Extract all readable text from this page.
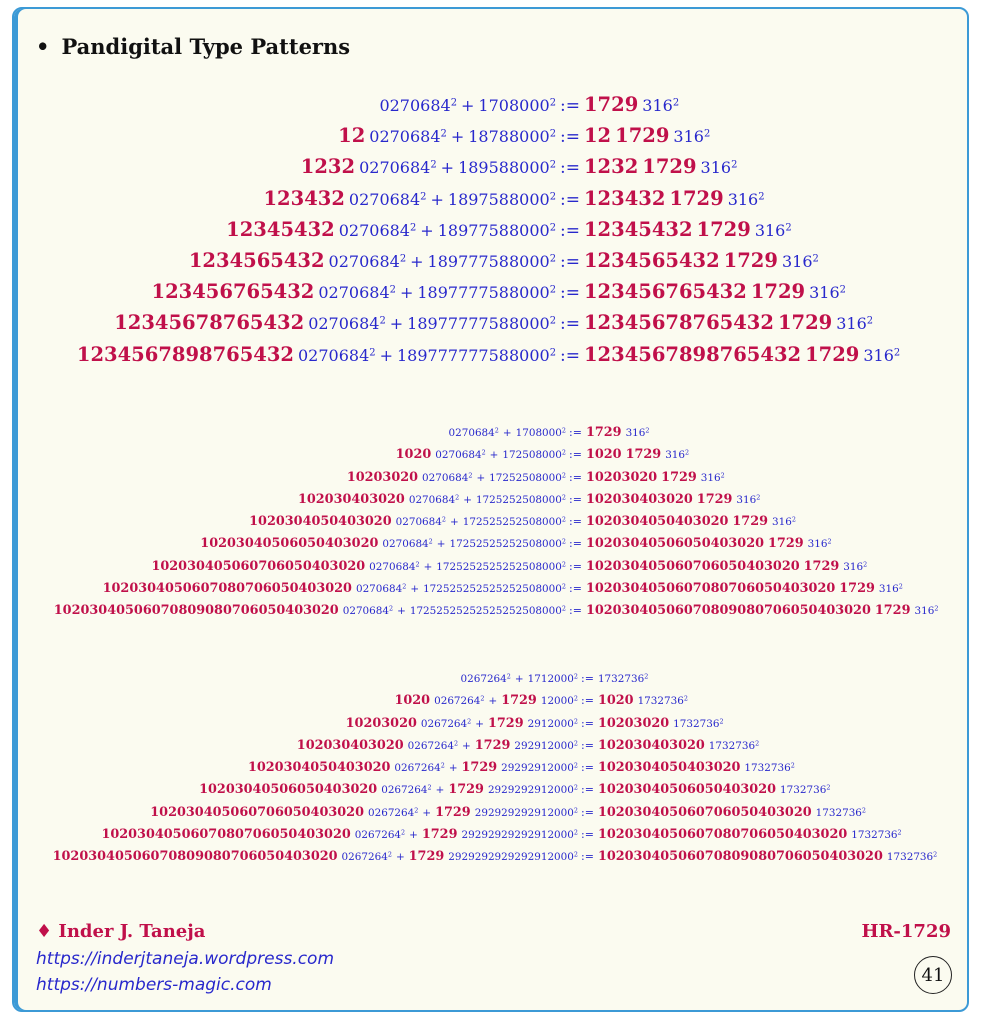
• Pandigital Type Patterns
$0270684^2 + 1708000^2$ := 1729 $316^2$
12 $0270684^2 + 18788000^2$ := 12 1729 $316^2$
1232 $0270684^2 + 189588000^2$ := 1232 1729 $316^2$
123432 $0270684^2 + 1897588000^2$ := 123432 1729 $316^2$
12345432 $0270684^2 + 18977588000^2$ := 12345432 1729 $316^2$
1234565432 $0270684^2 + 189777588000^2$ := 1234565432 1729 $316^2$
123456765432 $0270684^2 + 1897777588000^2$ := 123456765432 1729 $316^2$
12345678765432 $0270684^2 + 18977777588000^2$ := 12345678765432 1729 $316^2$
1234567898765432 $0270684^2 + 189777777588000^2$ := 1234567898765432 1729 $316^2$
$0270684^2 + 1708000^2$ := 1729 $316^2$
1020 $0270684^2 + 172508000^2$ := 1020 1729 $316^2$
10203020 $0270684^2 + 17252508000^2$ := 10203020 1729 $316^2$
102030403020 $0270684^2 + 1725252508000^2$ := 102030403020 1729 $316^2$
1020304050403020 $0270684^2 + 172525252508000^2$ := 1020304050403020 1729 $316^2$
10203040506050403020 $0270684^2 + 17252525252508000^2$ := 10203040506050403020 1729 $316^2$
102030405060706050403020 $0270684^2 + 1725252525252508000^2$ := 102030405060706050403020 1729 $316^2$
1020304050607080706050403020 $0270684^2 + 172525252525252508000^2$ := 1020304050607080706050403020 1729 $316^2$
10203040506070809080706050403020 $0270684^2 + 17252525252525252508000^2$ := 10203040506070809080706050403020 1729 $316^2$
$0267264^2 + 1712000^2$ := $1732736^2$
1020 $0267264^2 + 1729$ 12000$^2$ := 1020 1732736$^2$
10203020 $0267264^2 + 1729$ 2912000$^2$ := 10203020 1732736$^2$
102030403020 $0267264^2 + 1729$ 292912000$^2$ := 102030403020 1732736$^2$
1020304050403020 $0267264^2 + 1729$ 29292912000$^2$ := 1020304050403020 1732736$^2$
10203040506050403020 $0267264^2 + 1729$ 2929292912000$^2$ := 10203040506050403020 1732736$^2$
102030405060706050403020 $0267264^2 + 1729$ 292929292912000$^2$ := 102030405060706050403020 1732736$^2$
1020304050607080706050403020 $0267264^2 + 1729$ 29292929292912000$^2$ := 1020304050607080706050403020 1732736$^2$
10203040506070809080706050403020 $0267264^2 + 1729$ 2929292929292912000$^2$ := 10203040506070809080706050403020 1732736$^2$
♦ Inder J. Taneja	HR-1729
https://inderjtaneja.wordpress.com
https://numbers-magic.com	41
